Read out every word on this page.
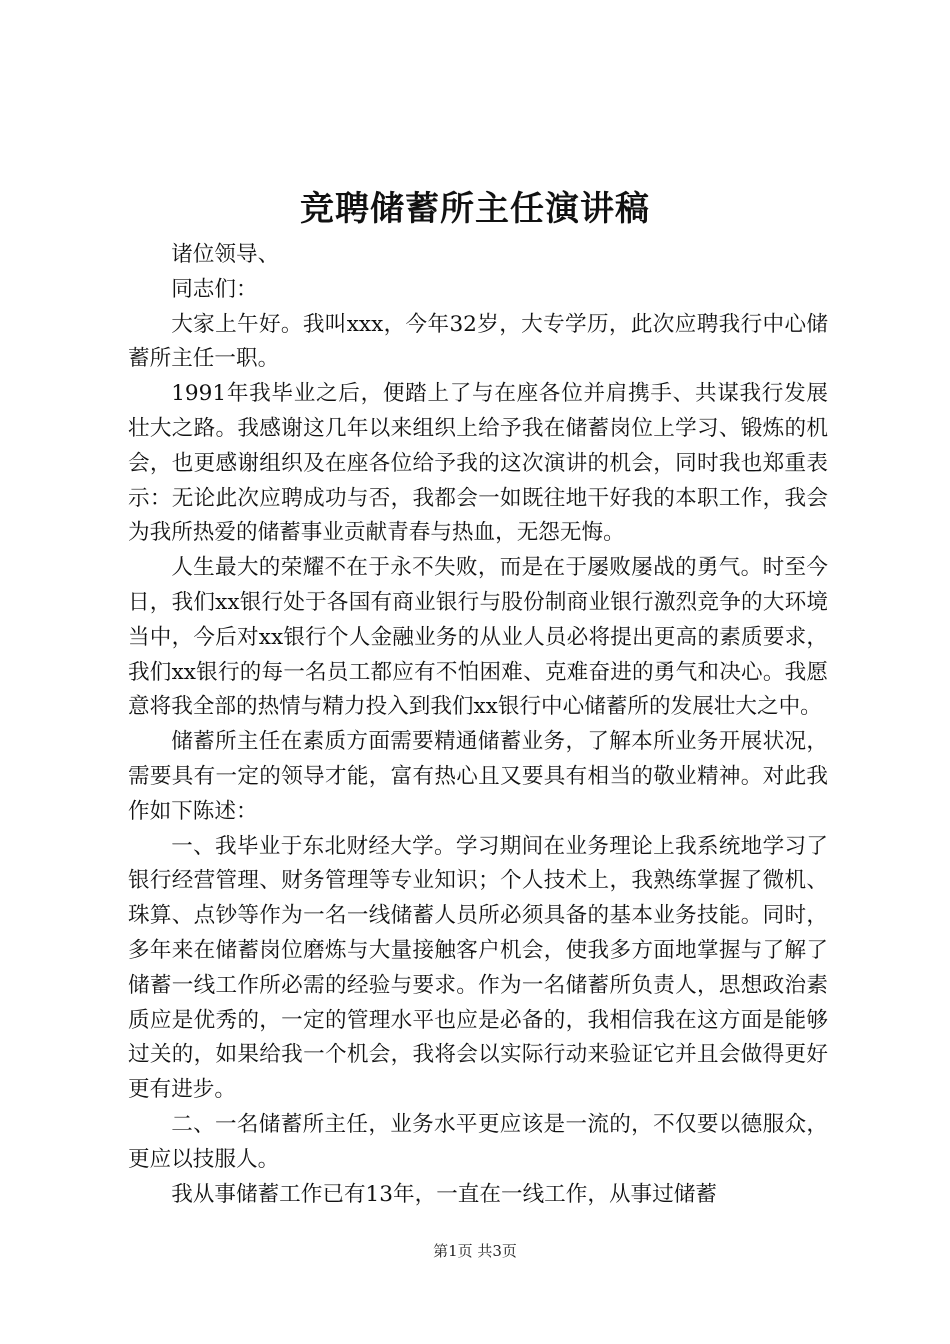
竞聘储蓄所主任演讲稿

诸位领导、

同志们：

大家上午好。我叫xxx，今年32岁，大专学历，此次应聘我行中心储蓄所主任一职。

1991年我毕业之后，便踏上了与在座各位并肩携手、共谋我行发展壮大之路。我感谢这几年以来组织上给予我在储蓄岗位上学习、锻炼的机会，也更感谢组织及在座各位给予我的这次演讲的机会，同时我也郑重表示：无论此次应聘成功与否，我都会一如既往地干好我的本职工作，我会为我所热爱的储蓄事业贡献青春与热血，无怨无悔。

人生最大的荣耀不在于永不失败，而是在于屡败屡战的勇气。时至今日，我们xx银行处于各国有商业银行与股份制商业银行激烈竞争的大环境当中，今后对xx银行个人金融业务的从业人员必将提出更高的素质要求，我们xx银行的每一名员工都应有不怕困难、克难奋进的勇气和决心。我愿意将我全部的热情与精力投入到我们xx银行中心储蓄所的发展壮大之中。

储蓄所主任在素质方面需要精通储蓄业务，了解本所业务开展状况，需要具有一定的领导才能，富有热心且又要具有相当的敬业精神。对此我作如下陈述：

一、我毕业于东北财经大学。学习期间在业务理论上我系统地学习了银行经营管理、财务管理等专业知识；个人技术上，我熟练掌握了微机、珠算、点钞等作为一名一线储蓄人员所必须具备的基本业务技能。同时，多年来在储蓄岗位磨炼与大量接触客户机会，使我多方面地掌握与了解了储蓄一线工作所必需的经验与要求。作为一名储蓄所负责人，思想政治素质应是优秀的，一定的管理水平也应是必备的，我相信我在这方面是能够过关的，如果给我一个机会，我将会以实际行动来验证它并且会做得更好更有进步。

二、一名储蓄所主任，业务水平更应该是一流的，不仅要以德服众，更应以技服人。

我从事储蓄工作已有13年，一直在一线工作，从事过储蓄

第1页 共3页
